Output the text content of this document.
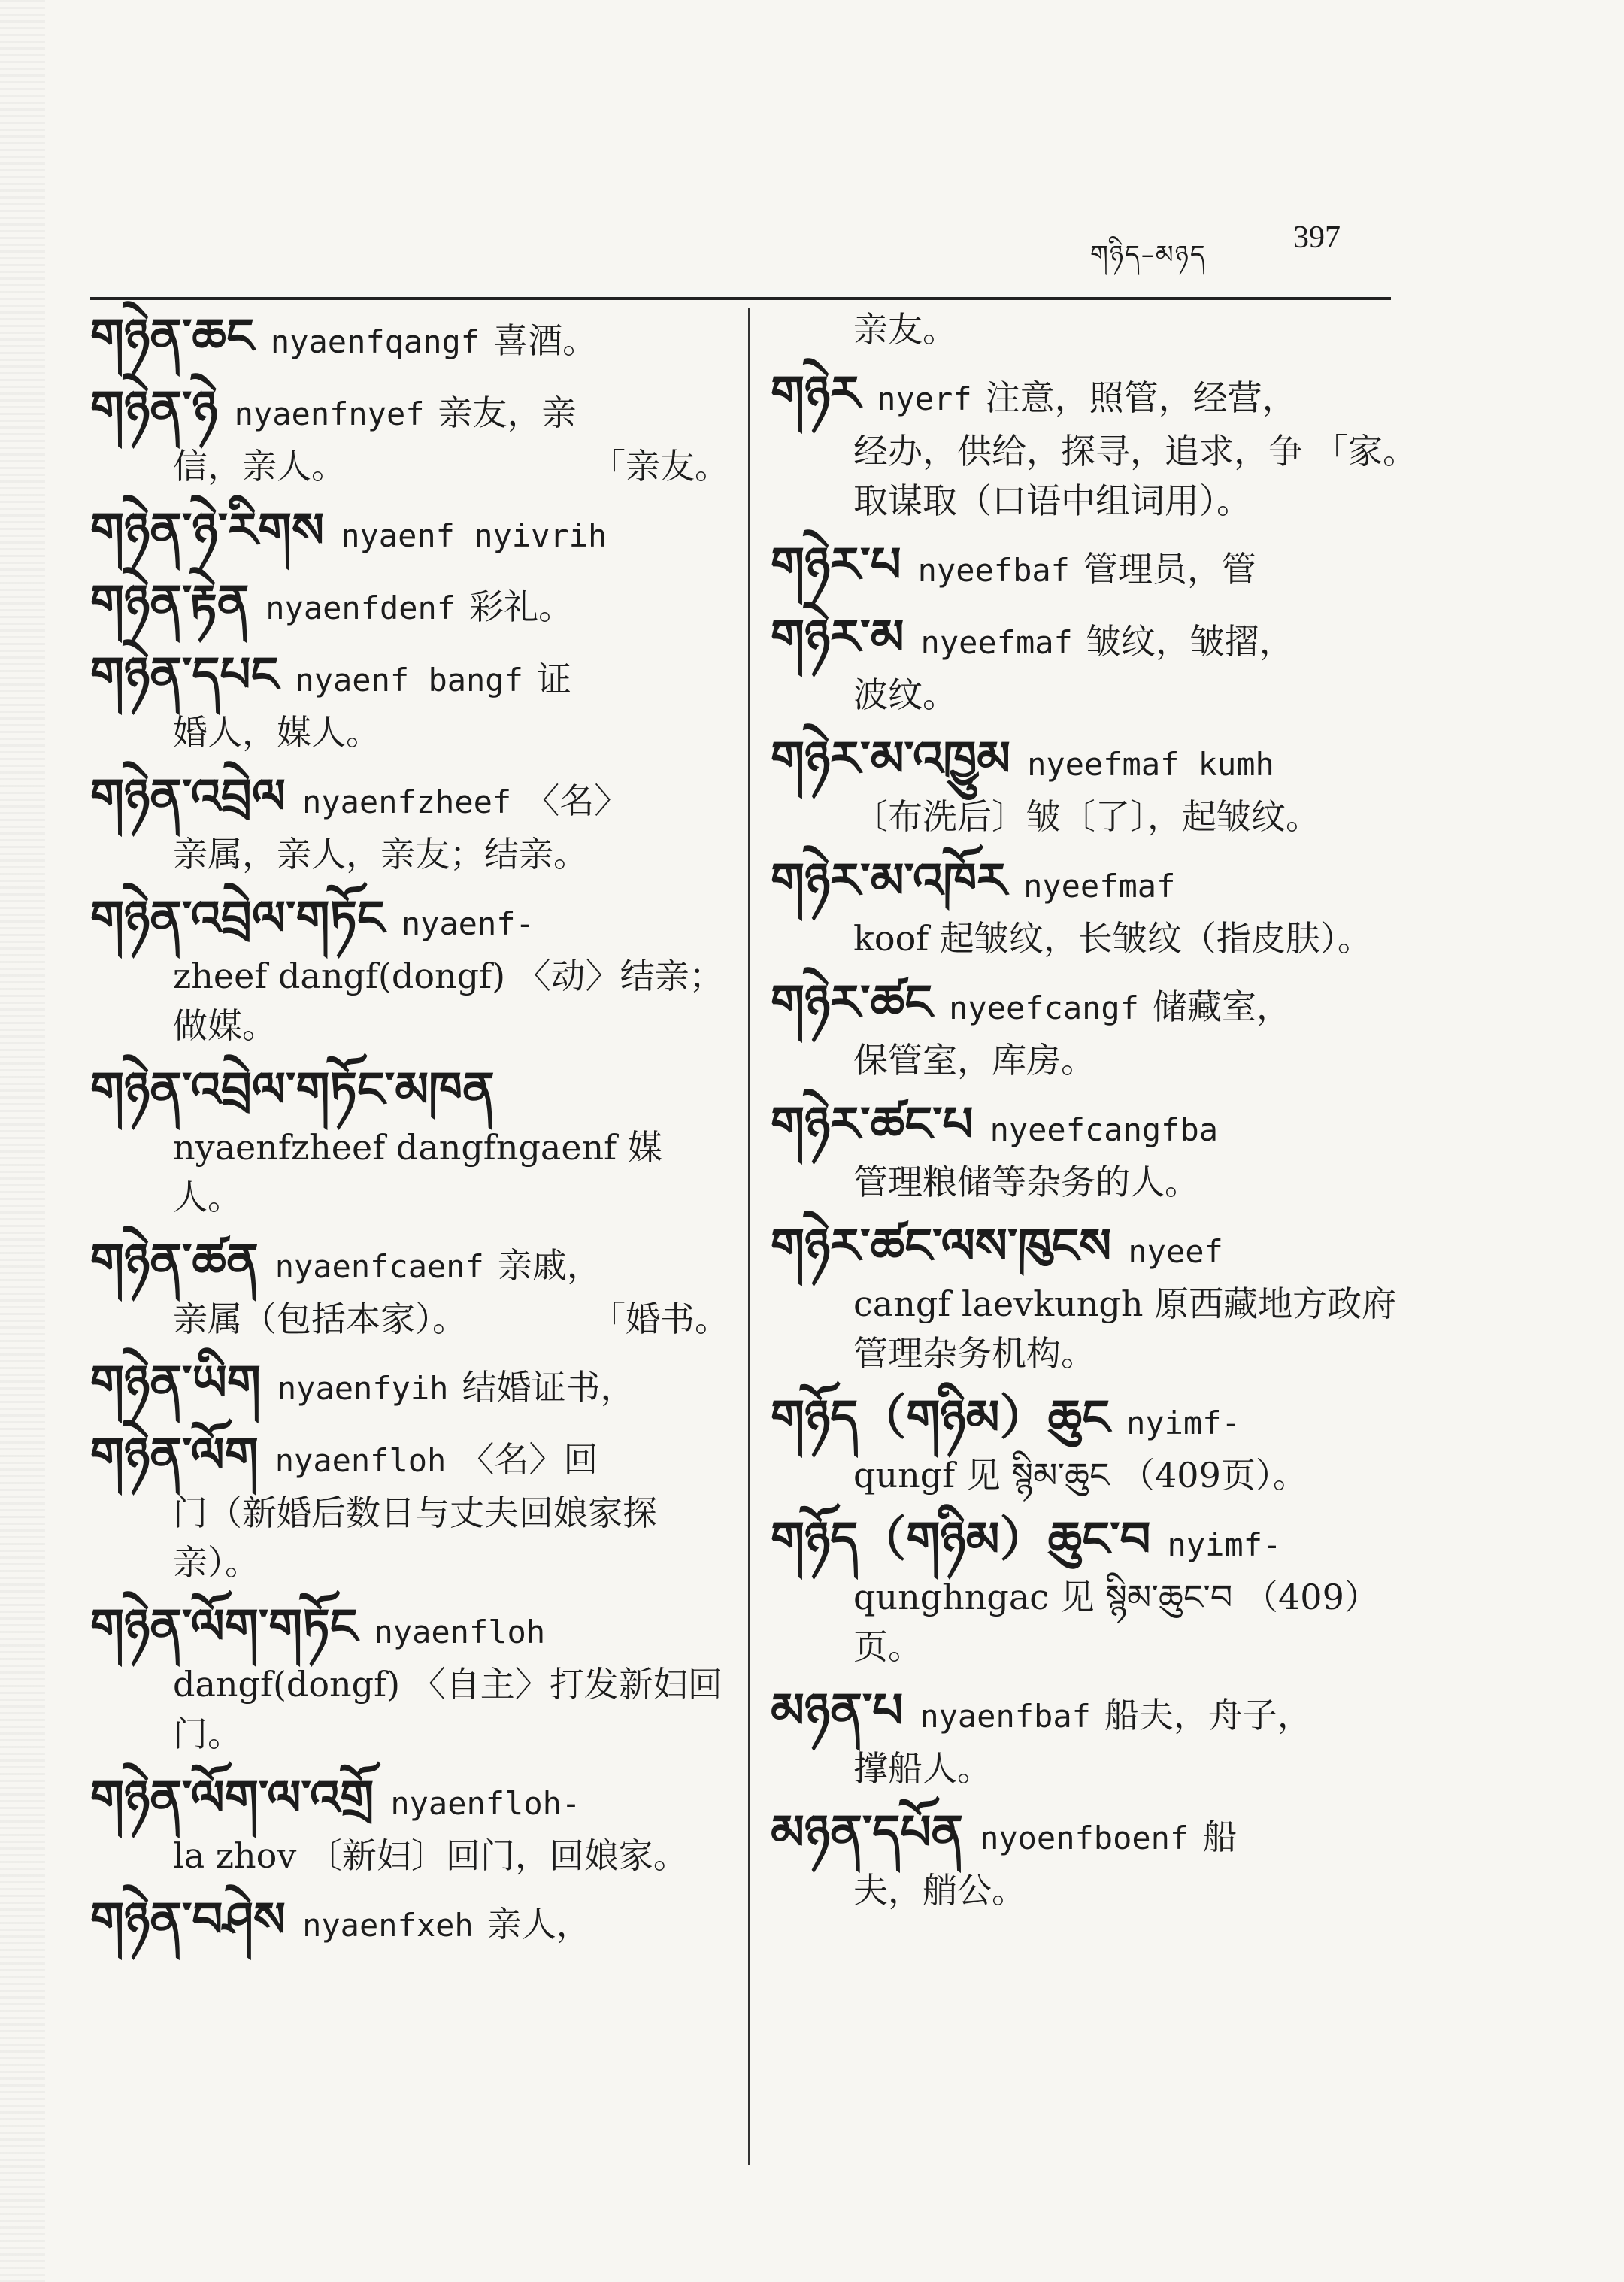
གཉིད–མཉད	397
གཉེན་ཆང nyaenfqangf 喜酒。
གཉེན་ཉེ nyaenfnyef 亲友，亲
「亲友。
信，亲人。
གཉེན་ཉེ་རིགས nyaenf nyivrih
གཉེན་རྟེན nyaenfdenf 彩礼。
གཉེན་དཔང nyaenf bangf 证
婚人，媒人。
གཉེན་འབྲེལ nyaenfzheef 〈名〉
亲属，亲人，亲友；结亲。
གཉེན་འབྲེལ་གཏོང nyaenf-
zheef dangf(dongf) 〈动〉结亲；做媒。
གཉེན་འབྲེལ་གཏོང་མཁན
nyaenfzheef dangfngaenf 媒人。
གཉེན་ཚན nyaenfcaenf 亲戚，
「婚书。
亲属（包括本家）。
གཉེན་ཡིག nyaenfyih 结婚证书，
གཉེན་ལོག nyaenfloh 〈名〉回
门（新婚后数日与丈夫回娘家探亲）。
གཉེན་ལོག་གཏོང nyaenfloh
dangf(dongf) 〈自主〉打发新妇回门。
གཉེན་ལོག་ལ་འགྲོ nyaenfloh-
la zhov 〔新妇〕回门，回娘家。
གཉེན་བཤེས nyaenfxeh 亲人，
亲友。
གཉེར nyerf 注意，照管，经营，
「家。
经办，供给，探寻，追求，争取谋取（口语中组词用）。
གཉེར་པ nyeefbaf 管理员，管
གཉེར་མ nyeefmaf 皱纹，皱摺，
波纹。
གཉེར་མ་འཁྱུམ nyeefmaf kumh
〔布洗后〕皱〔了〕，起皱纹。
གཉེར་མ་འཁོར nyeefmaf
koof 起皱纹，长皱纹（指皮肤）。
གཉེར་ཚང nyeefcangf 储藏室，
保管室，库房。
གཉེར་ཚང་པ nyeefcangfba
管理粮储等杂务的人。
གཉེར་ཚང་ལས་ཁུངས nyeef
cangf laevkungh 原西藏地方政府管理杂务机构。
གཉོད（གཉིམ）ཆུང nyimf-
qungf 见 སྙིམ་ཆུང （409页）。
གཉོད（གཉིམ）ཆུང་བ nyimf-
qunghngac 见 སྙིམ་ཆུང་བ （409）页。
མཉན་པ nyaenfbaf 船夫，舟子，
撑船人。
མཉན་དཔོན nyoenfboenf 船
夫，艄公。
